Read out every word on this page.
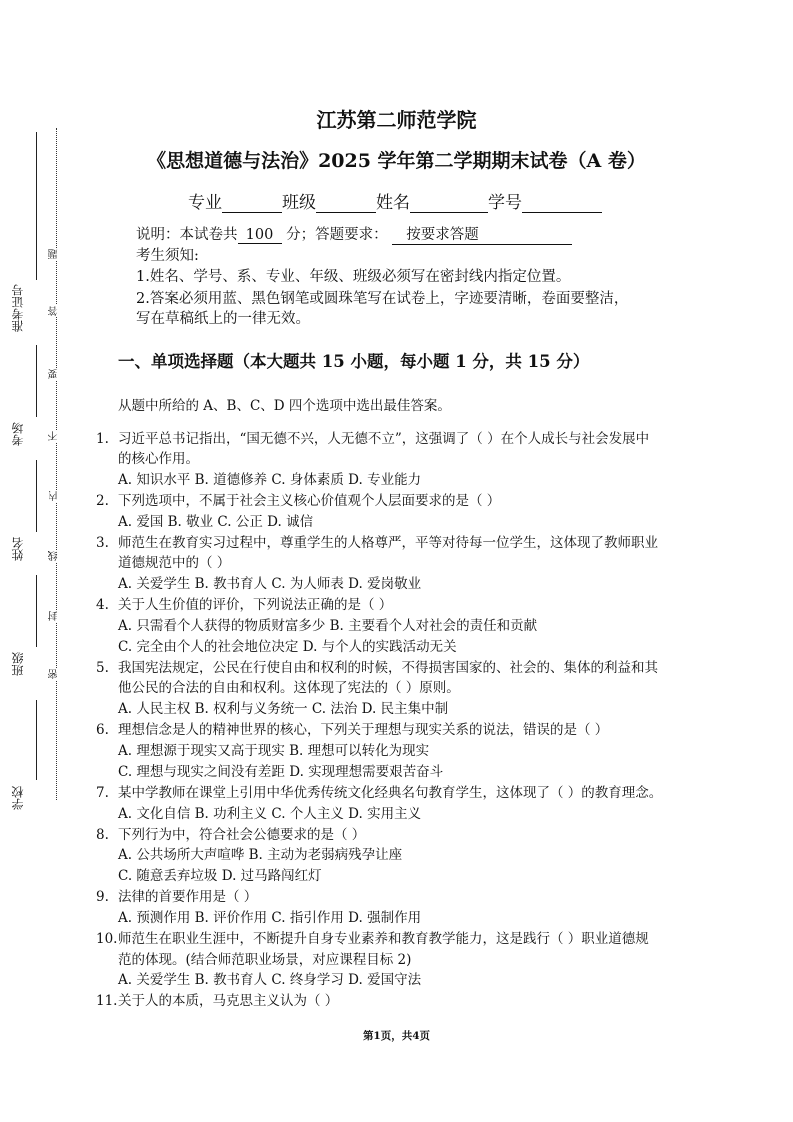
准考证号
考场
姓名
班级
学校
题
答
要
不
内
线
封
密
江苏第二师范学院
《思想道德与法治》2025 学年第二学期期末试卷（A 卷）
专业	班级	姓名	学号
说明：本试卷共 100 分；答题要求： 按要求答题
考生须知:
1.姓名、学号、系、专业、年级、班级必须写在密封线内指定位置。
2.答案必须用蓝、黑色钢笔或圆珠笔写在试卷上，字迹要清晰，卷面要整洁，
写在草稿纸上的一律无效。
一、单项选择题（本大题共 15 小题，每小题 1 分，共 15 分）
从题中所给的 A、B、C、D 四个选项中选出最佳答案。
1. 习近平总书记指出，“国无德不兴，人无德不立”，这强调了（ ）在个人成长与社会发展中
的核心作用。
A. 知识水平 B. 道德修养 C. 身体素质 D. 专业能力
2. 下列选项中，不属于社会主义核心价值观个人层面要求的是（ ）
A. 爱国 B. 敬业 C. 公正 D. 诚信
3. 师范生在教育实习过程中，尊重学生的人格尊严，平等对待每一位学生，这体现了教师职业
道德规范中的（ ）
A. 关爱学生 B. 教书育人 C. 为人师表 D. 爱岗敬业
4. 关于人生价值的评价，下列说法正确的是（ ）
A. 只需看个人获得的物质财富多少 B. 主要看个人对社会的责任和贡献
C. 完全由个人的社会地位决定 D. 与个人的实践活动无关
5. 我国宪法规定，公民在行使自由和权利的时候，不得损害国家的、社会的、集体的利益和其
他公民的合法的自由和权利。这体现了宪法的（ ）原则。
A. 人民主权 B. 权利与义务统一 C. 法治 D. 民主集中制
6. 理想信念是人的精神世界的核心，下列关于理想与现实关系的说法，错误的是（ ）
A. 理想源于现实又高于现实 B. 理想可以转化为现实
C. 理想与现实之间没有差距 D. 实现理想需要艰苦奋斗
7. 某中学教师在课堂上引用中华优秀传统文化经典名句教育学生，这体现了（ ）的教育理念。
A. 文化自信 B. 功利主义 C. 个人主义 D. 实用主义
8. 下列行为中，符合社会公德要求的是（ ）
A. 公共场所大声喧哗 B. 主动为老弱病残孕让座
C. 随意丢弃垃圾 D. 过马路闯红灯
9. 法律的首要作用是（ ）
A. 预测作用 B. 评价作用 C. 指引作用 D. 强制作用
10.师范生在职业生涯中，不断提升自身专业素养和教育教学能力，这是践行（ ）职业道德规
范的体现。(结合师范职业场景，对应课程目标 2)
A. 关爱学生 B. 教书育人 C. 终身学习 D. 爱国守法
11.关于人的本质，马克思主义认为（ ）
第1页，共4页
